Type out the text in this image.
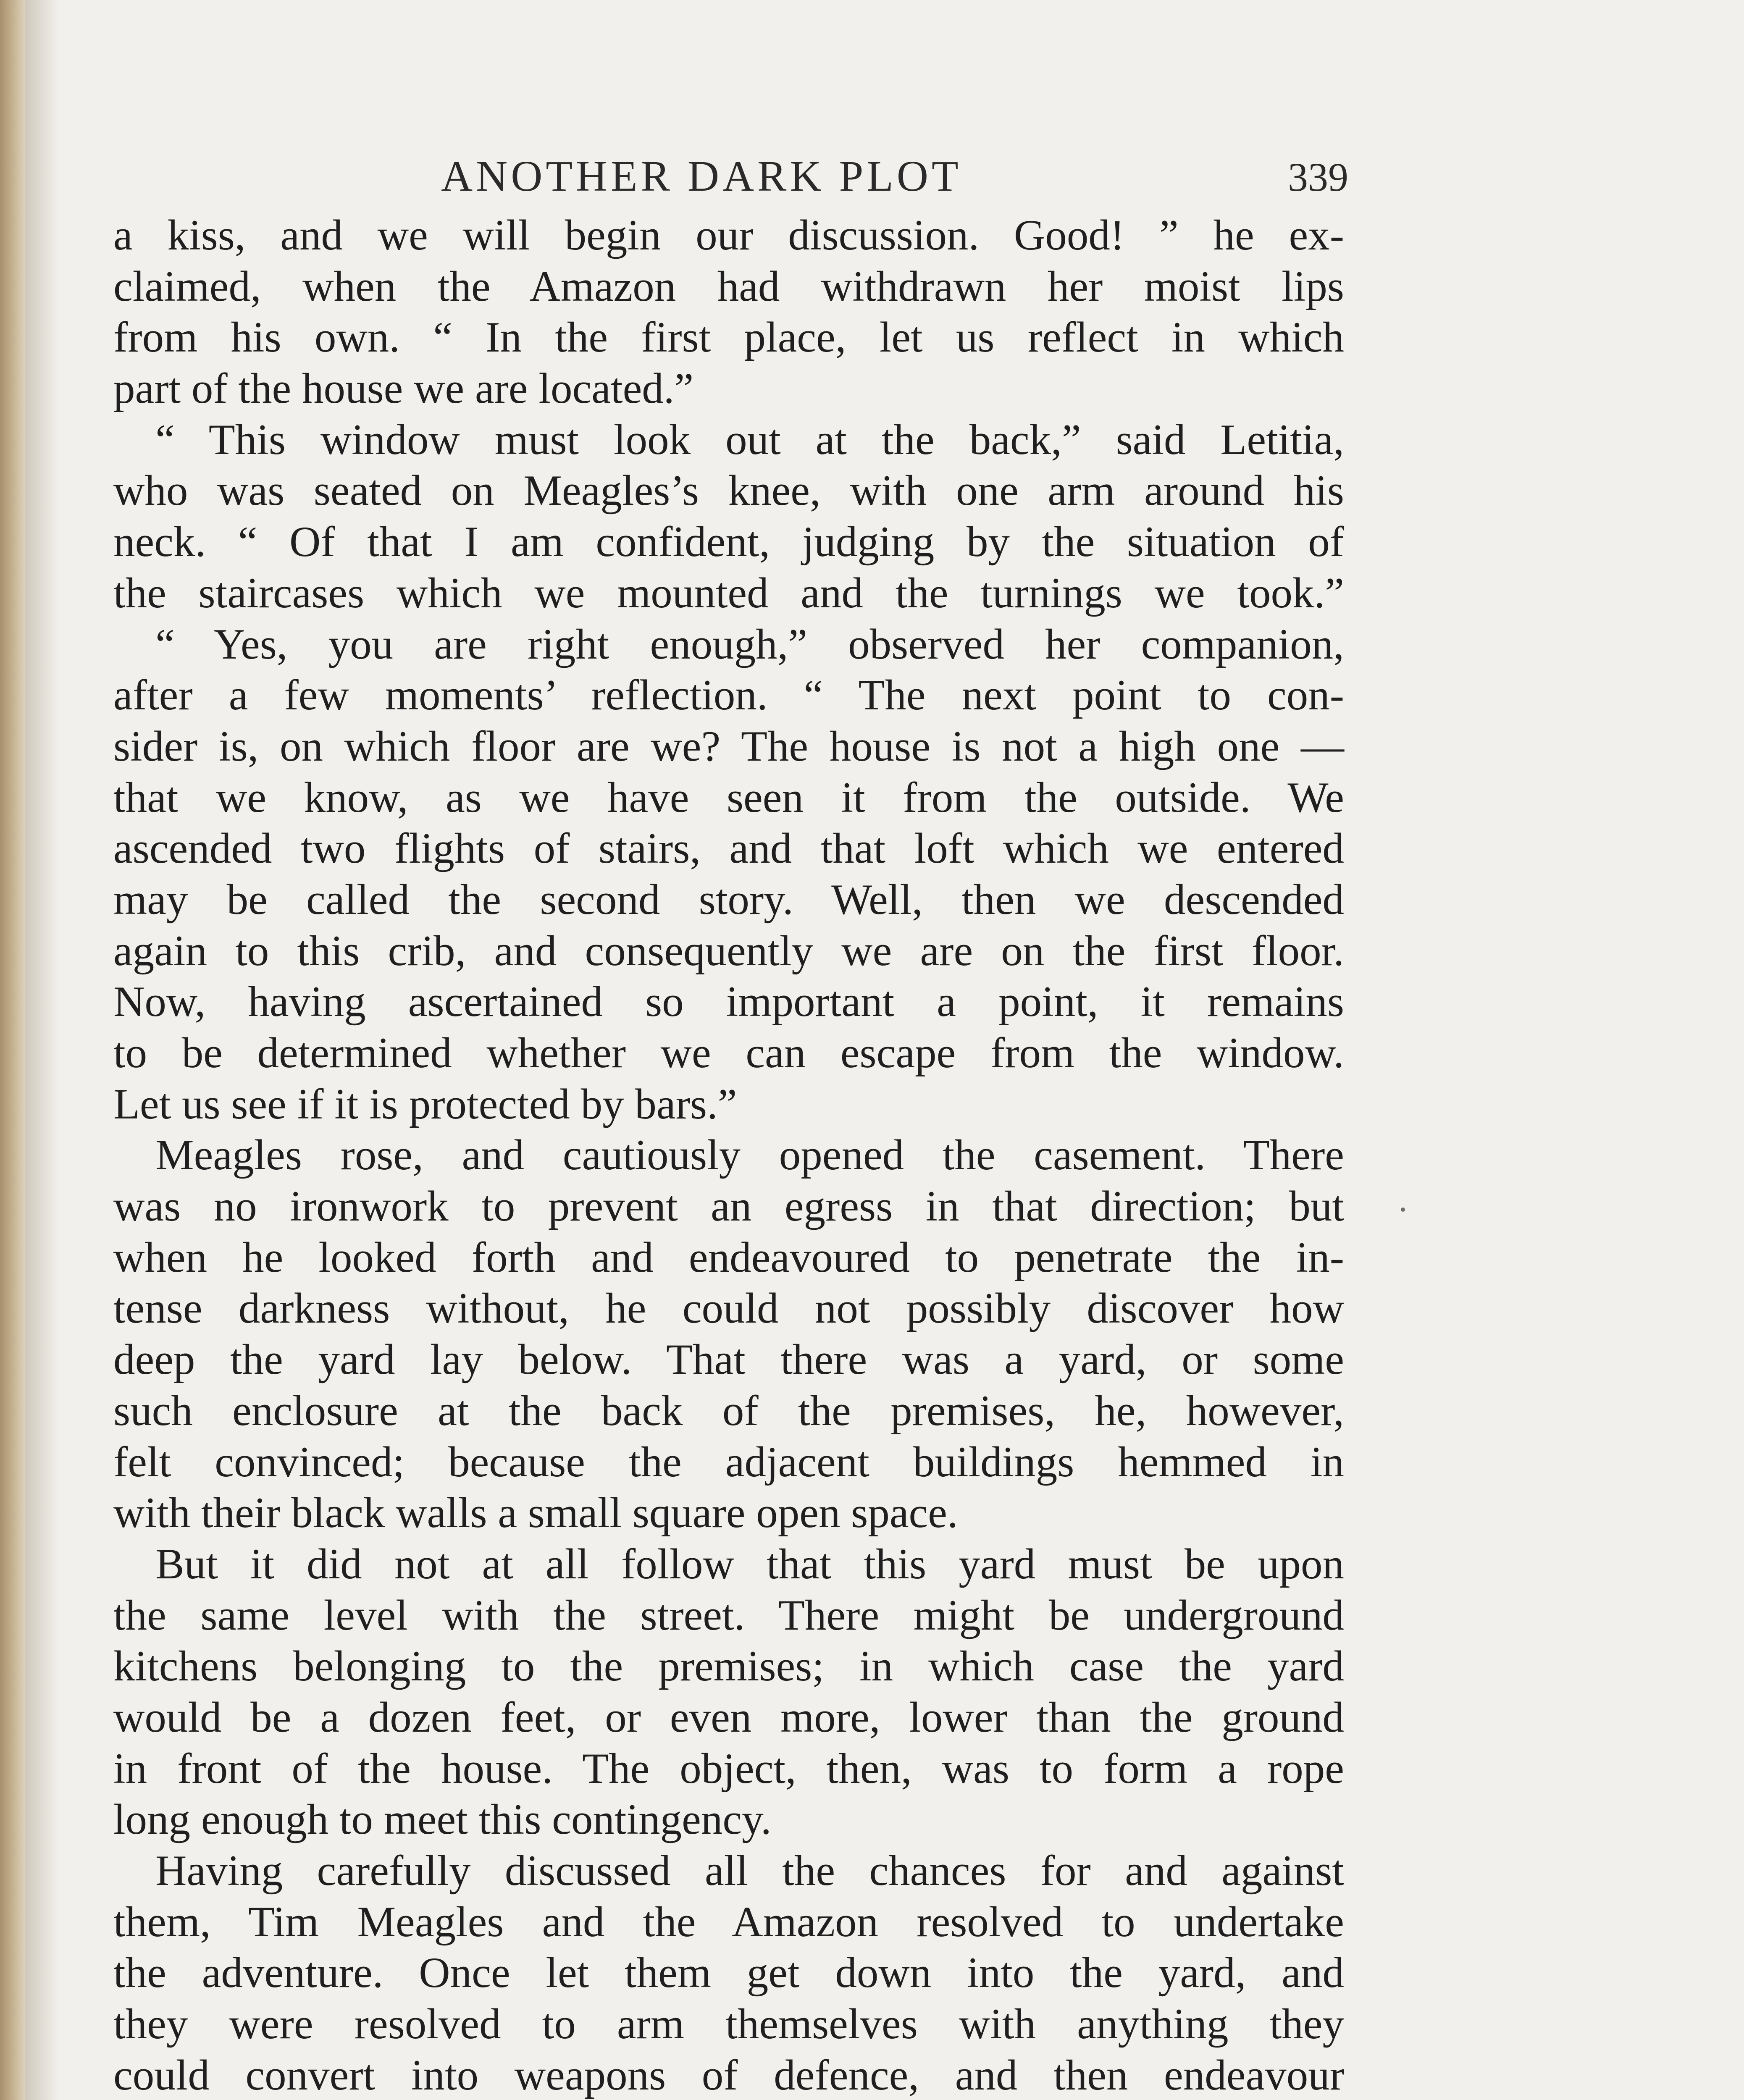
ANOTHER DARK PLOT	339
a kiss, and we will begin our discussion. Good! ” he ex-
claimed, when the Amazon had withdrawn her moist lips
from his own. “ In the first place, let us reflect in which
part of the house we are located.”
“ This window must look out at the back,” said Letitia,
who was seated on Meagles’s knee, with one arm around his
neck. “ Of that I am confident, judging by the situation of
the staircases which we mounted and the turnings we took.”
“ Yes, you are right enough,” observed her companion,
after a few moments’ reflection. “ The next point to con-
sider is, on which floor are we? The house is not a high one —
that we know, as we have seen it from the outside. We
ascended two flights of stairs, and that loft which we entered
may be called the second story. Well, then we descended
again to this crib, and consequently we are on the first floor.
Now, having ascertained so important a point, it remains
to be determined whether we can escape from the window.
Let us see if it is protected by bars.”
Meagles rose, and cautiously opened the casement. There
was no ironwork to prevent an egress in that direction; but
when he looked forth and endeavoured to penetrate the in-
tense darkness without, he could not possibly discover how
deep the yard lay below. That there was a yard, or some
such enclosure at the back of the premises, he, however,
felt convinced; because the adjacent buildings hemmed in
with their black walls a small square open space.
But it did not at all follow that this yard must be upon
the same level with the street. There might be underground
kitchens belonging to the premises; in which case the yard
would be a dozen feet, or even more, lower than the ground
in front of the house. The object, then, was to form a rope
long enough to meet this contingency.
Having carefully discussed all the chances for and against
them, Tim Meagles and the Amazon resolved to undertake
the adventure. Once let them get down into the yard, and
they were resolved to arm themselves with anything they
could convert into weapons of defence, and then endeavour
